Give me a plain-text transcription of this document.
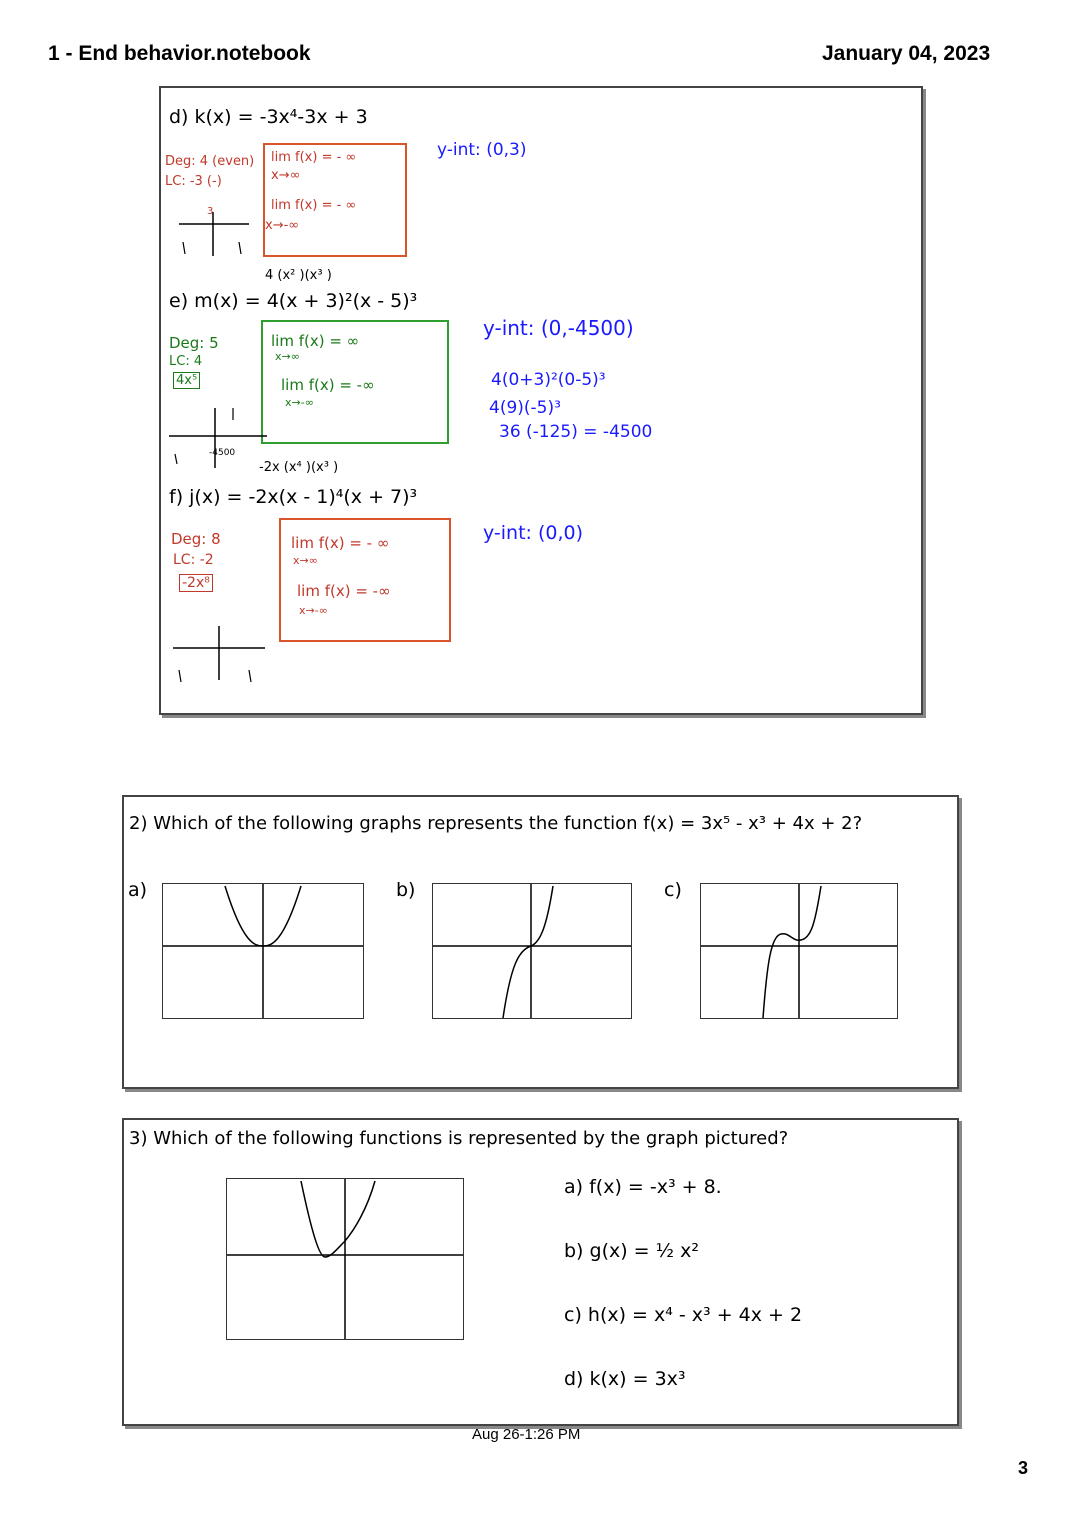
1 - End behavior.notebook	January 04, 2023
d) k(x) = -3x⁴-3x + 3
Deg: 4 (even)
LC: -3 (-)
lim f(x) = - ∞
x→∞
lim f(x) = - ∞
x→-∞
y-int: (0,3)
3
4 (x² )(x³ )
e) m(x) = 4(x + 3)²(x - 5)³
Deg: 5
LC: 4
4x⁵
lim f(x) = ∞
x→∞
lim f(x) = -∞
x→-∞
y-int: (0,-4500)
4(0+3)²(0-5)³
4(9)(-5)³
36 (-125) = -4500
-4500
-2x (x⁴ )(x³ )
f) j(x) = -2x(x - 1)⁴(x + 7)³
Deg: 8
LC: -2
-2x⁸
lim f(x) = - ∞
x→∞
lim f(x) = -∞
x→-∞
y-int: (0,0)
2) Which of the following graphs represents the function f(x) = 3x⁵ - x³ + 4x + 2?
a)	b)	c)
3) Which of the following functions is represented by the graph pictured?
a) f(x) = -x³ + 8.
b) g(x) = ½ x²
c) h(x) = x⁴ - x³ + 4x + 2
d) k(x) = 3x³
Aug 26-1:26 PM
3
